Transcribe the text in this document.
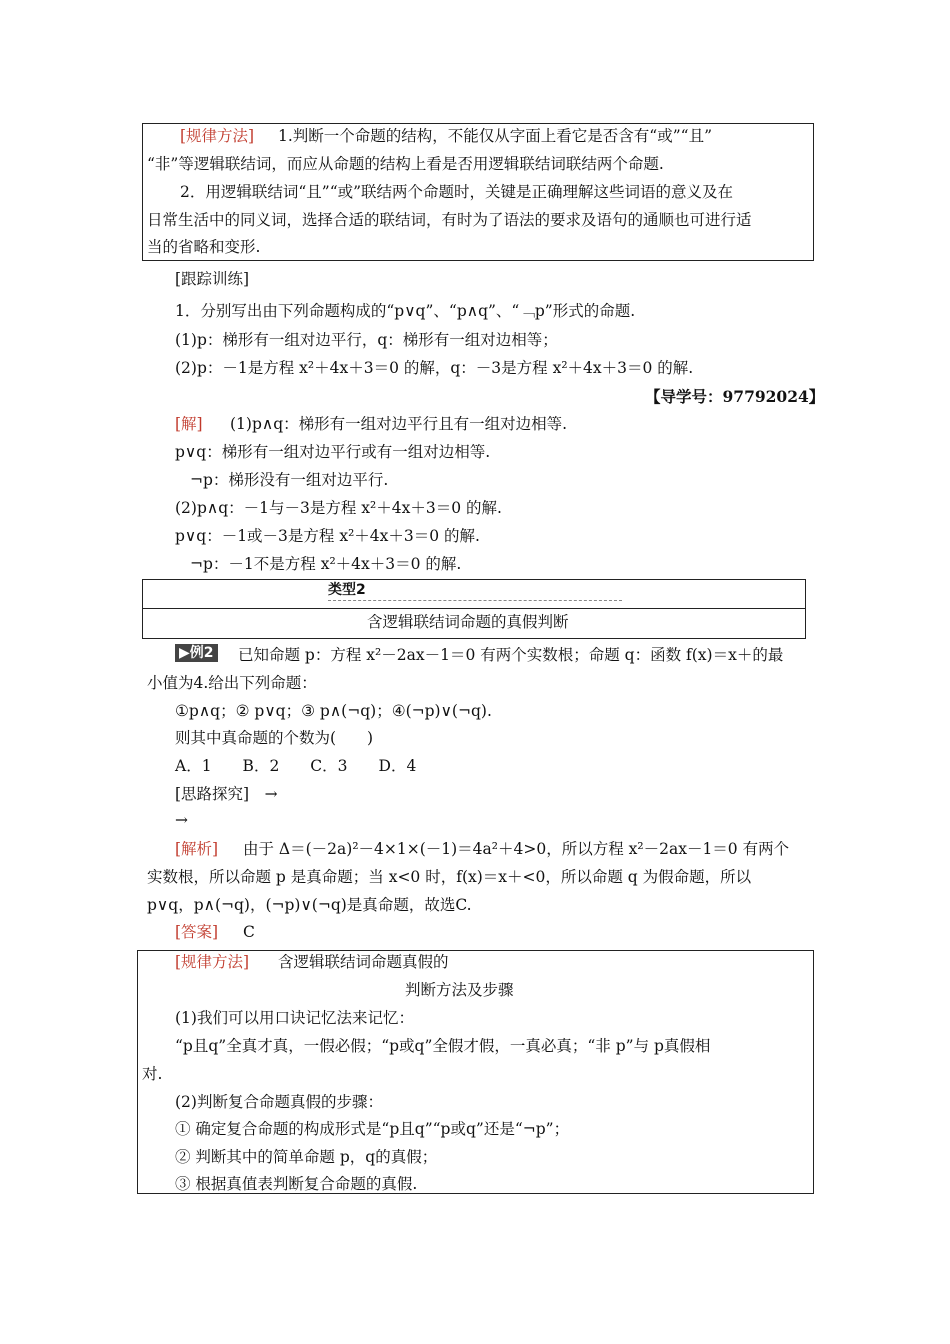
[规律方法] 1.判断一个命题的结构，不能仅从字面上看它是否含有“或”“且”
“非”等逻辑联结词，而应从命题的结构上看是否用逻辑联结词联结两个命题.
2．用逻辑联结词“且”“或”联结两个命题时，关键是正确理解这些词语的意义及在
日常生活中的同义词，选择合适的联结词，有时为了语法的要求及语句的通顺也可进行适
当的省略和变形.
[跟踪训练]
1．分别写出由下列命题构成的“p∨q”、“p∧q”、“﹁p”形式的命题.
(1)p：梯形有一组对边平行，q：梯形有一组对边相等；
(2)p：－1是方程 x²＋4x＋3＝0 的解，q：－3是方程 x²＋4x＋3＝0 的解.
【导学号：97792024】
[解] (1)p∧q：梯形有一组对边平行且有一组对边相等.
p∨q：梯形有一组对边平行或有一组对边相等.
¬p：梯形没有一组对边平行.
(2)p∧q：－1与－3是方程 x²＋4x＋3＝0 的解.
p∨q：－1或－3是方程 x²＋4x＋3＝0 的解.
¬p：－1不是方程 x²＋4x＋3＝0 的解.
类型2
含逻辑联结词命题的真假判断
▶例2 已知命题 p：方程 x²－2ax－1＝0 有两个实数根；命题 q：函数 f(x)＝x＋的最
小值为4.给出下列命题：
①p∧q；② p∨q；③ p∧(¬q)；④(¬p)∨(¬q).
则其中真命题的个数为(　　)
A．1　　B．2　　C．3　　D．4
[思路探究]　→
→
[解析] 由于 Δ＝(－2a)²－4×1×(－1)＝4a²＋4>0，所以方程 x²－2ax－1＝0 有两个
实数根，所以命题 p 是真命题；当 x<0 时，f(x)＝x＋<0，所以命题 q 为假命题，所以
p∨q，p∧(¬q)，(¬p)∨(¬q)是真命题，故选C.
[答案] C
[规律方法] 含逻辑联结词命题真假的
判断方法及步骤
(1)我们可以用口诀记忆法来记忆：
“p且q”全真才真，一假必假；“p或q”全假才假，一真必真；“非 p”与 p真假相
对.
(2)判断复合命题真假的步骤：
① 确定复合命题的构成形式是“p且q”“p或q”还是“¬p”；
② 判断其中的简单命题 p，q的真假；
③ 根据真值表判断复合命题的真假.
